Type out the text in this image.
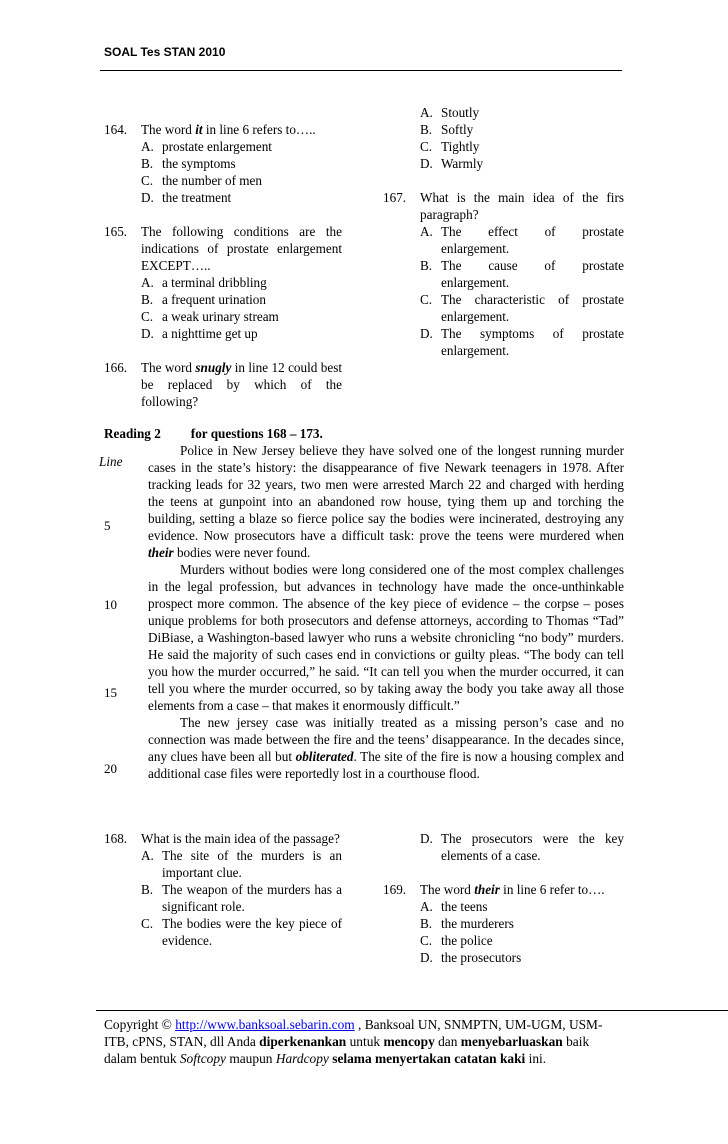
SOAL Tes STAN 2010
164. The word it in line 6 refers to…..
A. prostate enlargement
B. the symptoms
C. the number of men
D. the treatment
165. The following conditions are the indications of prostate enlargement EXCEPT…..
A. a terminal dribbling
B. a frequent urination
C. a weak urinary stream
D. a nighttime get up
166. The word snugly in line 12 could best be replaced by which of the following?
A. Stoutly
B. Softly
C. Tightly
D. Warmly
167. What is the main idea of the firs paragraph?
A. The effect of prostate enlargement.
B. The cause of prostate enlargement.
C. The characteristic of prostate enlargement.
D. The symptoms of prostate enlargement.
Reading 2 for questions 168 – 173.
Line
5
10
15
20

Police in New Jersey believe they have solved one of the longest running murder cases in the state’s history: the disappearance of five Newark teenagers in 1978. After tracking leads for 32 years, two men were arrested March 22 and charged with herding the teens at gunpoint into an abandoned row house, tying them up and torching the building, setting a blaze so fierce police say the bodies were incinerated, destroying any evidence. Now prosecutors have a difficult task: prove the teens were murdered when their bodies were never found.

Murders without bodies were long considered one of the most complex challenges in the legal profession, but advances in technology have made the once-unthinkable prospect more common. The absence of the key piece of evidence – the corpse – poses unique problems for both prosecutors and defense attorneys, according to Thomas “Tad” DiBiase, a Washington-based lawyer who runs a website chronicling “no body” murders. He said the majority of such cases end in convictions or guilty pleas. “The body can tell you how the murder occurred,” he said. “It can tell you when the murder occurred, it can tell you where the murder occurred, so by taking away the body you take away all those elements from a case – that makes it enormously difficult.”

The new jersey case was initially treated as a missing person’s case and no connection was made between the fire and the teens’ disappearance. In the decades since, any clues have been all but obliterated. The site of the fire is now a housing complex and additional case files were reportedly lost in a courthouse flood.

168. What is the main idea of the passage?
A. The site of the murders is an important clue.
B. The weapon of the murders has a significant role.
C. The bodies were the key piece of evidence.
D. The prosecutors were the key elements of a case.
169. The word their in line 6 refer to….
A. the teens
B. the murderers
C. the police
D. the prosecutors
Copyright © http://www.banksoal.sebarin.com , Banksoal UN, SNMPTN, UM-UGM, USM-ITB, cPNS, STAN, dll Anda diperkenankan untuk mencopy dan menyebarluaskan baik dalam bentuk Softcopy maupun Hardcopy selama menyertakan catatan kaki ini.
